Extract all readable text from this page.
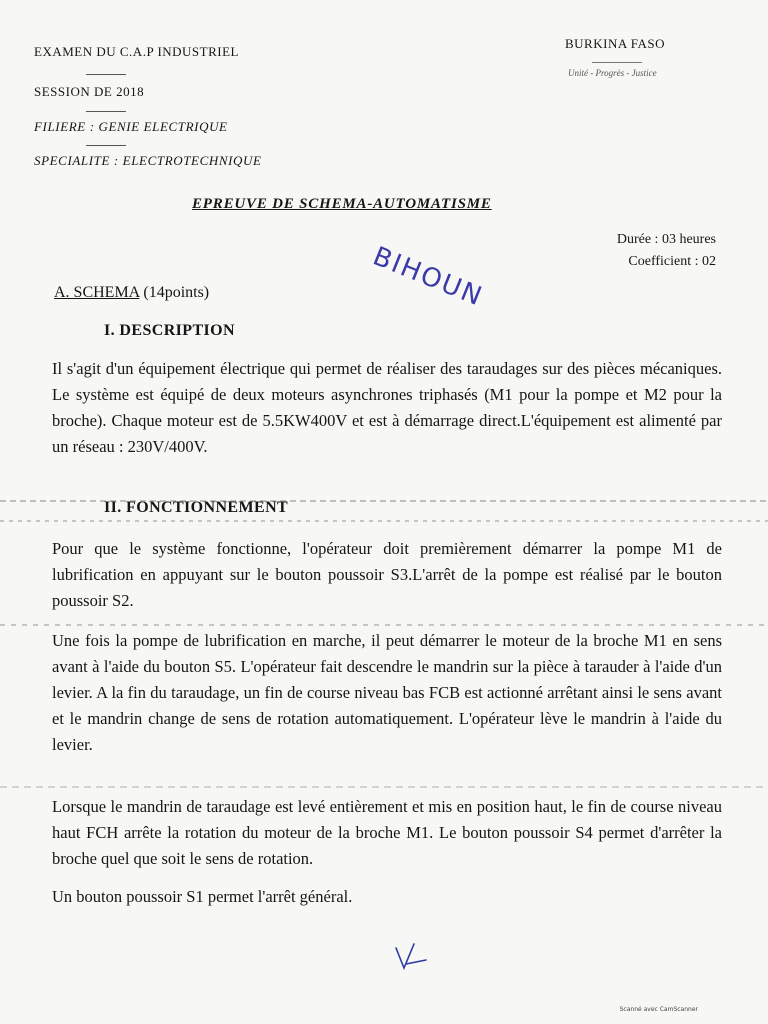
EXAMEN DU C.A.P INDUSTRIEL
SESSION DE 2018
FILIERE : GENIE ELECTRIQUE
SPECIALITE : ELECTROTECHNIQUE
BURKINA FASO
Unité - Progrès - Justice
EPREUVE DE SCHEMA-AUTOMATISME
Durée : 03 heures
Coefficient : 02
A. SCHEMA (14points)	BIHOUN
I. DESCRIPTION
Il s'agit d'un équipement électrique qui permet de réaliser des taraudages sur des pièces mécaniques. Le système est équipé de deux moteurs asynchrones triphasés (M1 pour la pompe et M2 pour la broche). Chaque moteur est de 5.5KW400V et est à démarrage direct.L'équipement est alimenté par un réseau : 230V/400V.
II. FONCTIONNEMENT
Pour que le système fonctionne, l'opérateur doit premièrement démarrer la pompe M1 de lubrification en appuyant sur le bouton poussoir S3.L'arrêt de la pompe est réalisé par le bouton poussoir S2.
Une fois la pompe de lubrification en marche, il peut démarrer le moteur de la broche M1 en sens avant à l'aide du bouton S5. L'opérateur fait descendre le mandrin sur la pièce à tarauder à l'aide d'un levier. A la fin du taraudage, un fin de course niveau bas FCB est actionné arrêtant ainsi le sens avant et le mandrin change de sens de rotation automatiquement. L'opérateur lève le mandrin à l'aide du levier.
Lorsque le mandrin de taraudage est levé entièrement et mis en position haut, le fin de course niveau haut FCH arrête la rotation du moteur de la broche M1. Le bouton poussoir S4 permet d'arrêter la broche quel que soit le sens de rotation.
Un bouton poussoir S1 permet l'arrêt général.
Scanné avec CamScanner
